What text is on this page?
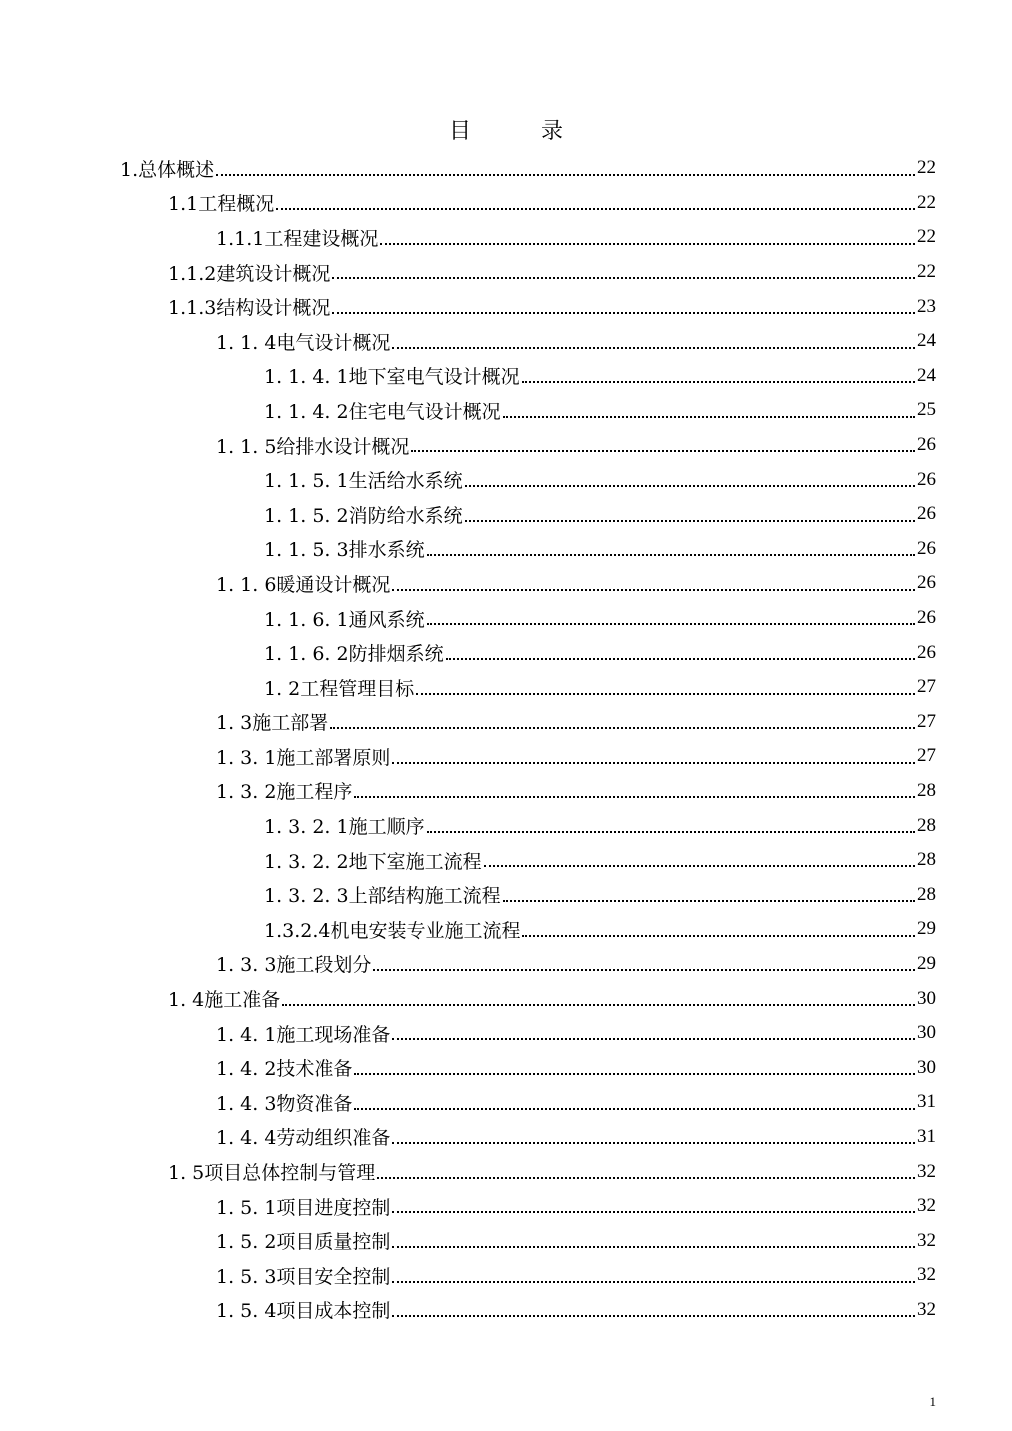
目　录
1.总体概述	22
1.1工程概况	22
1.1.1工程建设概况	22
1.1.2建筑设计概况	22
1.1.3结构设计概况	23
1. 1. 4电气设计概况	24
1. 1. 4. 1地下室电气设计概况	24
1. 1. 4. 2住宅电气设计概况	25
1. 1. 5给排水设计概况	26
1. 1. 5. 1生活给水系统	26
1. 1. 5. 2消防给水系统	26
1. 1. 5. 3排水系统	26
1. 1. 6暖通设计概况	26
1. 1. 6. 1通风系统	26
1. 1. 6. 2防排烟系统	26
1. 2工程管理目标	27
1. 3施工部署	27
1. 3. 1施工部署原则	27
1. 3. 2施工程序	28
1. 3. 2. 1施工顺序	28
1. 3. 2. 2地下室施工流程	28
1. 3. 2. 3上部结构施工流程	28
1.3.2.4机电安装专业施工流程	29
1. 3. 3施工段划分	29
1. 4施工准备	30
1. 4. 1施工现场准备	30
1. 4. 2技术准备	30
1. 4. 3物资准备	31
1. 4. 4劳动组织准备	31
1. 5项目总体控制与管理	32
1. 5. 1项目进度控制	32
1. 5. 2项目质量控制	32
1. 5. 3项目安全控制	32
1. 5. 4项目成本控制	32
1
